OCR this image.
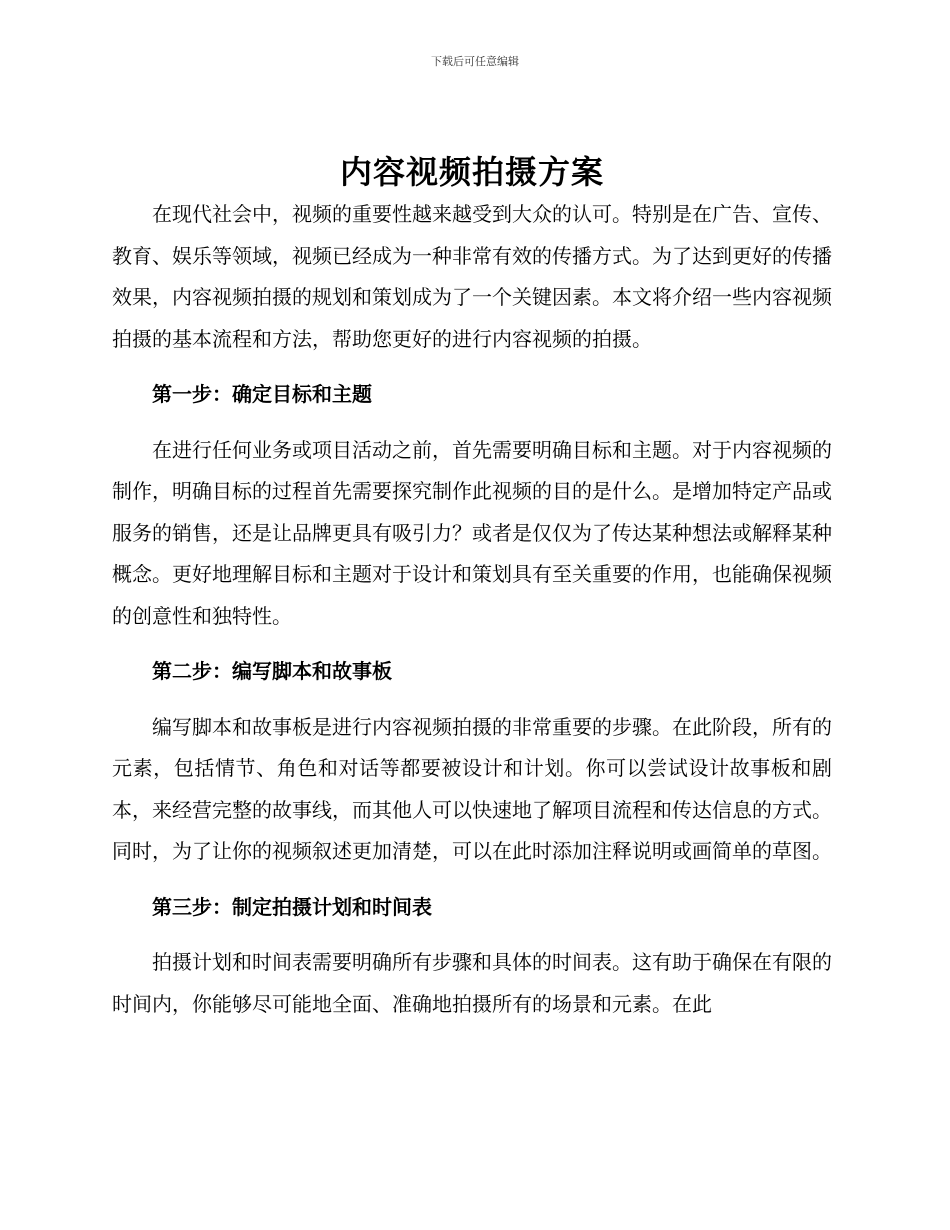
下载后可任意编辑
内容视频拍摄方案

在现代社会中，视频的重要性越来越受到大众的认可。特别是在广告、宣传、教育、娱乐等领域，视频已经成为一种非常有效的传播方式。为了达到更好的传播效果，内容视频拍摄的规划和策划成为了一个关键因素。本文将介绍一些内容视频拍摄的基本流程和方法，帮助您更好的进行内容视频的拍摄。

第一步：确定目标和主题

在进行任何业务或项目活动之前，首先需要明确目标和主题。对于内容视频的制作，明确目标的过程首先需要探究制作此视频的目的是什么。是增加特定产品或服务的销售，还是让品牌更具有吸引力？或者是仅仅为了传达某种想法或解释某种概念。更好地理解目标和主题对于设计和策划具有至关重要的作用，也能确保视频的创意性和独特性。

第二步：编写脚本和故事板

编写脚本和故事板是进行内容视频拍摄的非常重要的步骤。在此阶段，所有的元素，包括情节、角色和对话等都要被设计和计划。你可以尝试设计故事板和剧本，来经营完整的故事线，而其他人可以快速地了解项目流程和传达信息的方式。同时，为了让你的视频叙述更加清楚，可以在此时添加注释说明或画简单的草图。

第三步：制定拍摄计划和时间表

拍摄计划和时间表需要明确所有步骤和具体的时间表。这有助于确保在有限的时间内，你能够尽可能地全面、准确地拍摄所有的场景和元素。在此
